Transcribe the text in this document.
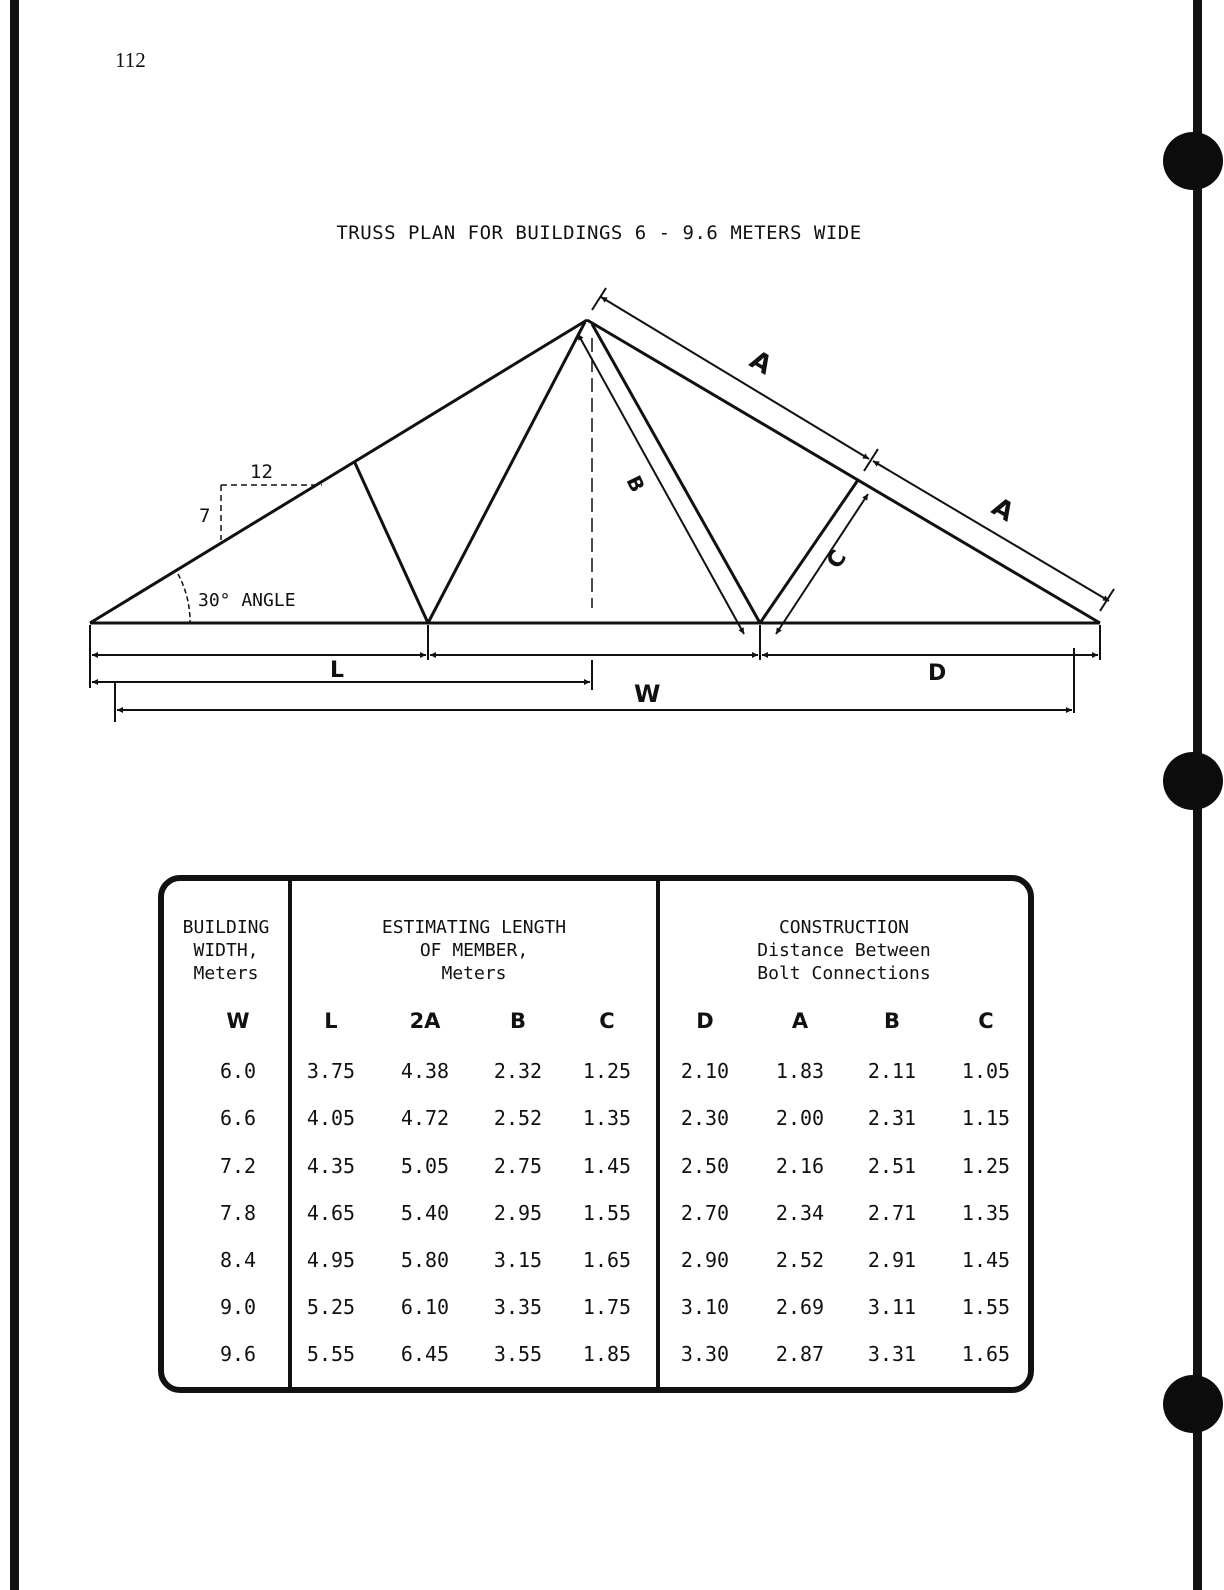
112
TRUSS PLAN FOR BUILDINGS 6 - 9.6 METERS WIDE
12
7
30° ANGLE
A
A
B
C
L	D
W
BUILDING
WIDTH,
Meters
ESTIMATING LENGTH
OF MEMBER,
Meters
CONSTRUCTION
Distance Between
Bolt Connections
W	L	2A	B	C	D	A	B	C
6.0	3.75	4.38	2.32	1.25	2.10	1.83	2.11	1.05
6.6	4.05	4.72	2.52	1.35	2.30	2.00	2.31	1.15
7.2	4.35	5.05	2.75	1.45	2.50	2.16	2.51	1.25
7.8	4.65	5.40	2.95	1.55	2.70	2.34	2.71	1.35
8.4	4.95	5.80	3.15	1.65	2.90	2.52	2.91	1.45
9.0	5.25	6.10	3.35	1.75	3.10	2.69	3.11	1.55
9.6	5.55	6.45	3.55	1.85	3.30	2.87	3.31	1.65
